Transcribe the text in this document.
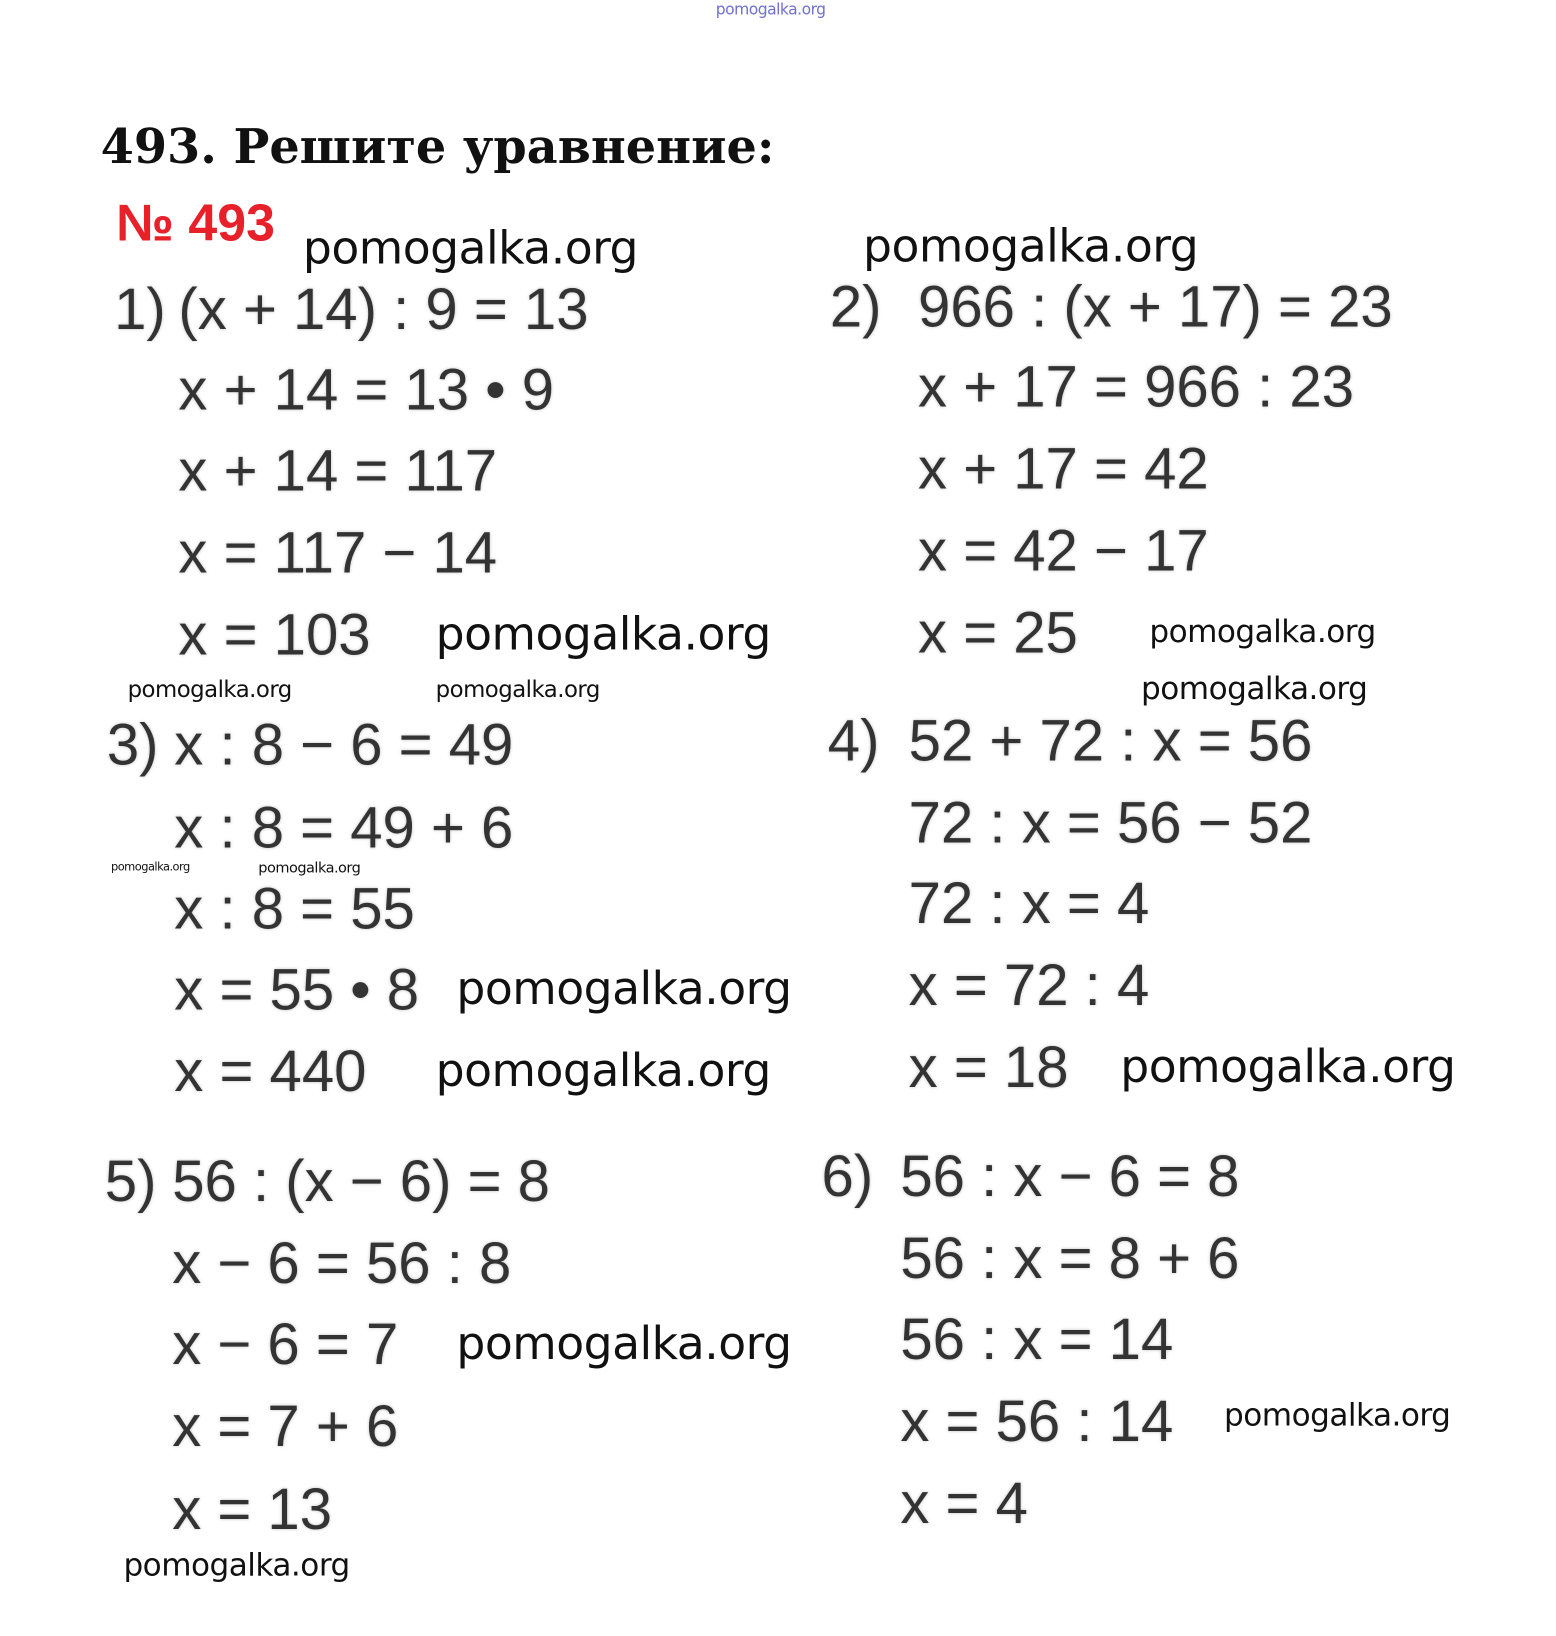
pomogalka.org
493. Решите уравнение:
№ 493
1) (x + 14) : 9 = 13
x + 14 = 13 • 9
x + 14 = 117
x = 117 − 14
x = 103
2) 966 : (x + 17) = 23
x + 17 = 966 : 23
x + 17 = 42
x = 42 − 17
x = 25
3) x : 8 − 6 = 49
x : 8 = 49 + 6
x : 8 = 55
x = 55 • 8
x = 440
4) 52 + 72 : x = 56
72 : x = 56 − 52
72 : x = 4
x = 72 : 4
x = 18
5) 56 : (x − 6) = 8
x − 6 = 56 : 8
x − 6 = 7
x = 7 + 6
x = 13
6) 56 : x − 6 = 8
56 : x = 8 + 6
56 : x = 14
x = 56 : 14
x = 4
pomogalka.org	pomogalka.org
pomogalka.org
pomogalka.org	pomogalka.org
pomogalka.org	pomogalka.org
pomogalka.org	pomogalka.org
pomogalka.org
pomogalka.org	pomogalka.org
pomogalka.org
pomogalka.org
pomogalka.org
